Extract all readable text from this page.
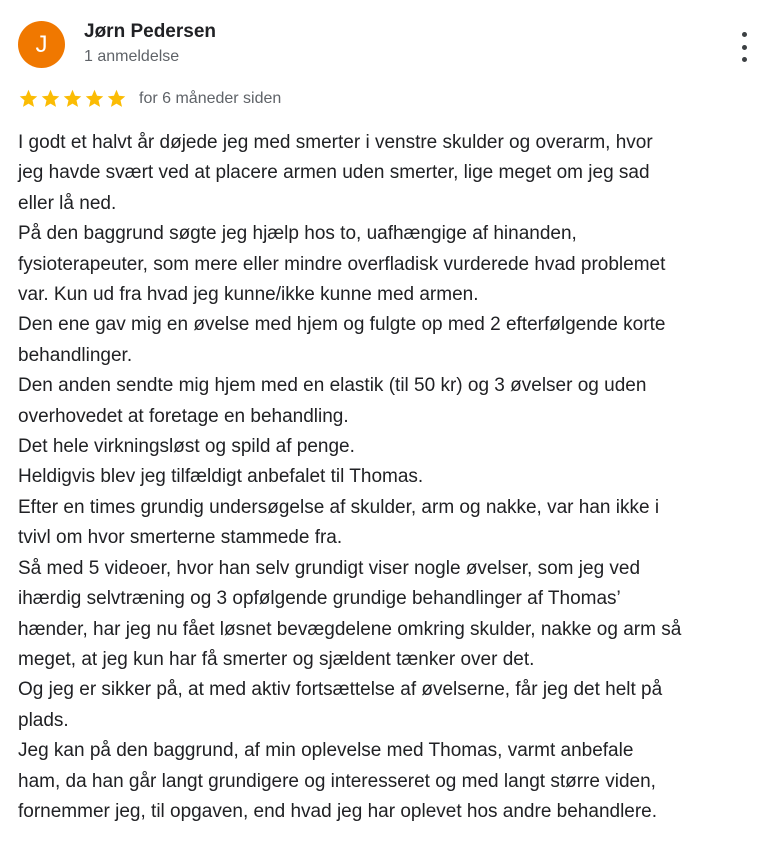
J Jørn Pedersen
1 anmeldelse
for 6 måneder siden

I godt et halvt år døjede jeg med smerter i venstre skulder og overarm, hvor

jeg havde svært ved at placere armen uden smerter, lige meget om jeg sad

eller lå ned.

På den baggrund søgte jeg hjælp hos to, uafhængige af hinanden,

fysioterapeuter, som mere eller mindre overfladisk vurderede hvad problemet

var. Kun ud fra hvad jeg kunne/ikke kunne med armen.

Den ene gav mig en øvelse med hjem og fulgte op med 2 efterfølgende korte

behandlinger.

Den anden sendte mig hjem med en elastik (til 50 kr) og 3 øvelser og uden

overhovedet at foretage en behandling.

Det hele virkningsløst og spild af penge.

Heldigvis blev jeg tilfældigt anbefalet til Thomas.

Efter en times grundig undersøgelse af skulder, arm og nakke, var han ikke i

tvivl om hvor smerterne stammede fra.

Så med 5 videoer, hvor han selv grundigt viser nogle øvelser, som jeg ved

ihærdig selvtræning og 3 opfølgende grundige behandlinger af Thomas’

hænder, har jeg nu fået løsnet bevægdelene omkring skulder, nakke og arm så

meget, at jeg kun har få smerter og sjældent tænker over det.

Og jeg er sikker på, at med aktiv fortsættelse af øvelserne, får jeg det helt på

plads.

Jeg kan på den baggrund, af min oplevelse med Thomas, varmt anbefale

ham, da han går langt grundigere og interesseret og med langt større viden,

fornemmer jeg, til opgaven, end hvad jeg har oplevet hos andre behandlere.
